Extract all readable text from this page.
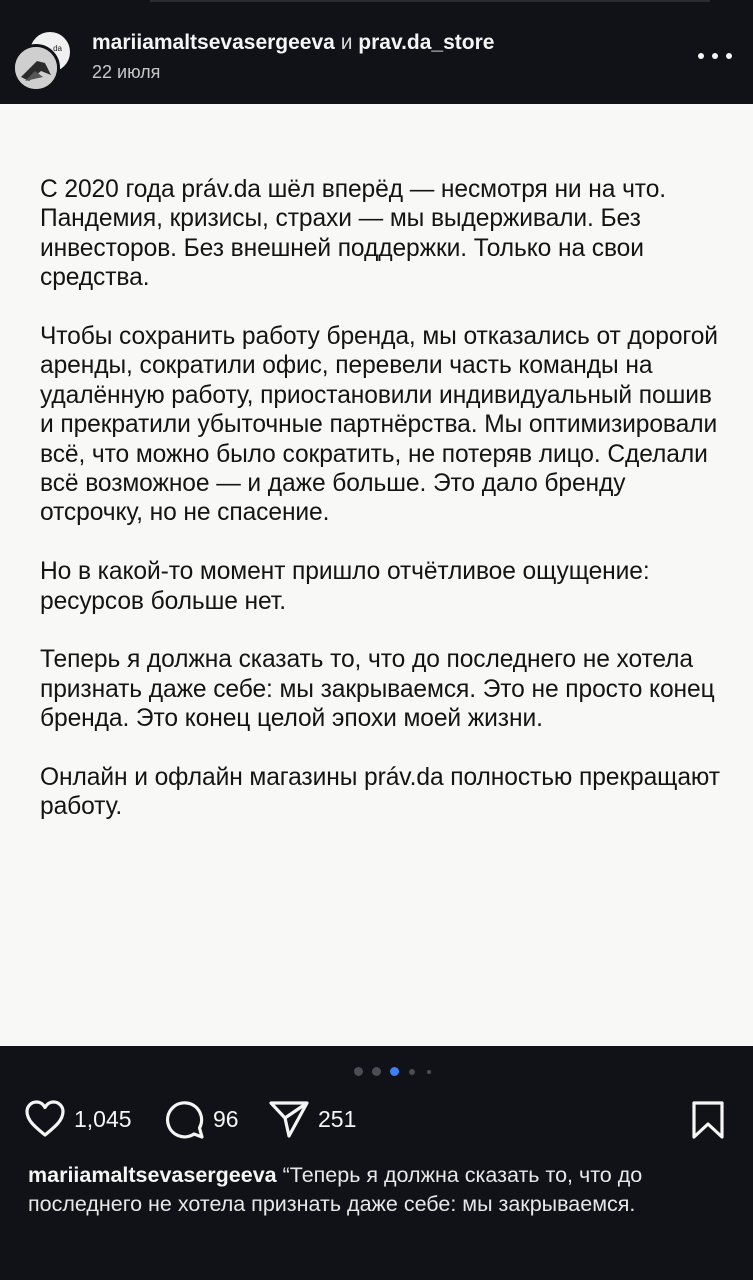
da mariiamaltsevasergeeva и prav.da_store
22 июля

С 2020 года práv.da шёл вперёд — несмотря ни на что. Пандемия, кризисы, страхи — мы выдерживали. Без инвесторов. Без внешней поддержки. Только на свои средства.

Чтобы сохранить работу бренда, мы отказались от дорогой аренды, сократили офис, перевели часть команды на удалённую работу, приостановили индивидуальный пошив и прекратили убыточные партнёрства. Мы оптимизировали всё, что можно было сократить, не потеряв лицо. Сделали всё возможное — и даже больше. Это дало бренду отсрочку, но не спасение.

Но в какой-то момент пришло отчётливое ощущение: ресурсов больше нет.

Теперь я должна сказать то, что до последнего не хотела признать даже себе: мы закрываемся. Это не просто конец бренда. Это конец целой эпохи моей жизни.

Онлайн и офлайн магазины práv.da полностью прекращают работу.

1,045	96	251
mariiamaltsevasergeeva “Теперь я должна сказать то, что до последнего не хотела признать даже себе: мы закрываемся.
